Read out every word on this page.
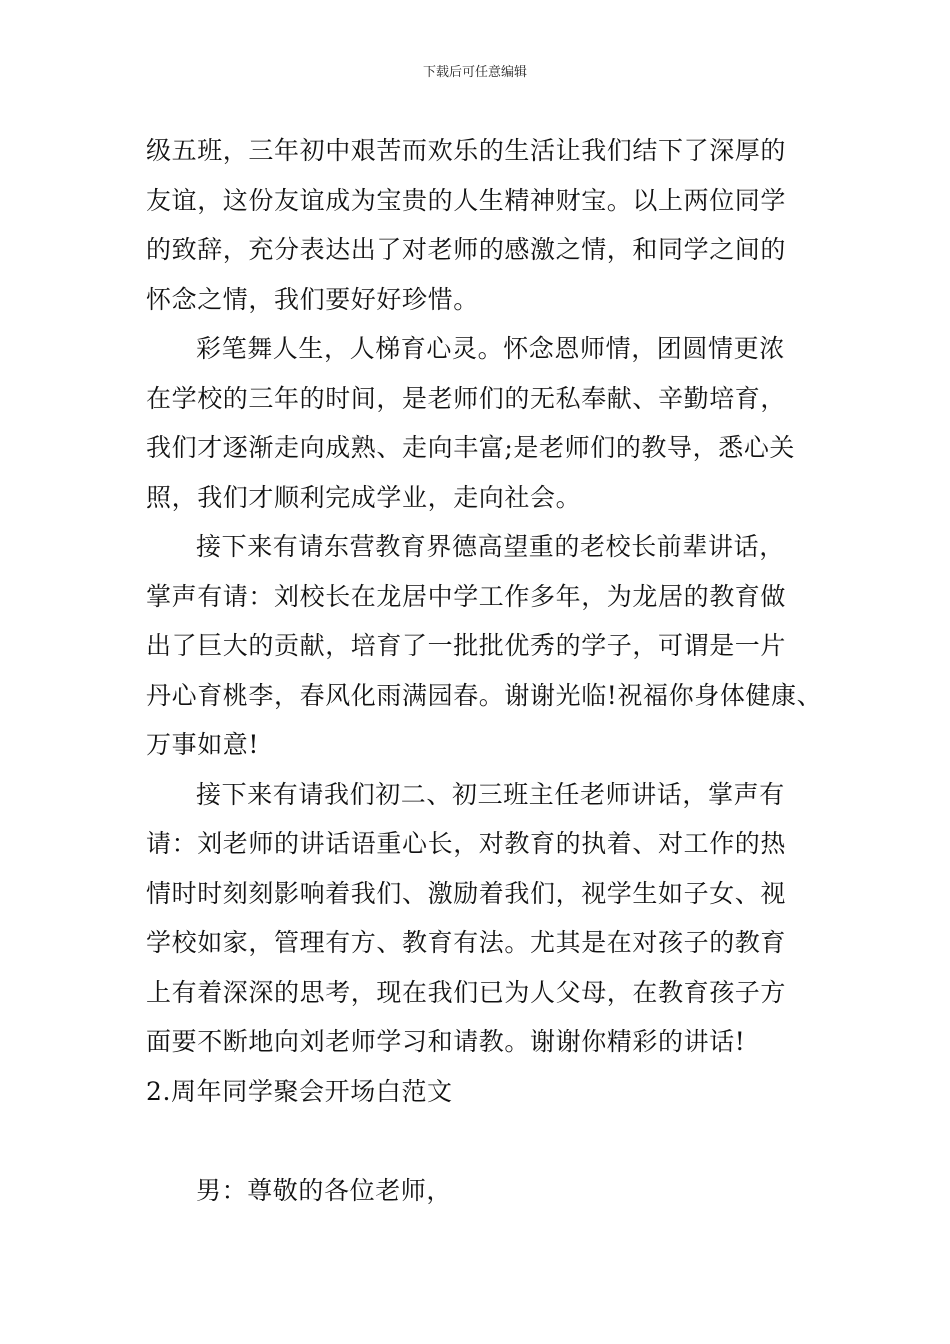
下载后可任意编辑
级五班，三年初中艰苦而欢乐的生活让我们结下了深厚的
友谊，这份友谊成为宝贵的人生精神财宝。以上两位同学
的致辞，充分表达出了对老师的感激之情，和同学之间的
怀念之情，我们要好好珍惜。
彩笔舞人生，人梯育心灵。怀念恩师情，团圆情更浓
在学校的三年的时间，是老师们的无私奉献、辛勤培育，
我们才逐渐走向成熟、走向丰富;是老师们的教导，悉心关
照，我们才顺利完成学业，走向社会。
接下来有请东营教育界德高望重的老校长前辈讲话，
掌声有请：刘校长在龙居中学工作多年，为龙居的教育做
出了巨大的贡献，培育了一批批优秀的学子，可谓是一片
丹心育桃李，春风化雨满园春。谢谢光临!祝福你身体健康、
万事如意!
接下来有请我们初二、初三班主任老师讲话，掌声有
请：刘老师的讲话语重心长，对教育的执着、对工作的热
情时时刻刻影响着我们、激励着我们，视学生如子女、视
学校如家，管理有方、教育有法。尤其是在对孩子的教育
上有着深深的思考，现在我们已为人父母，在教育孩子方
面要不断地向刘老师学习和请教。谢谢你精彩的讲话!
2.周年同学聚会开场白范文
男：尊敬的各位老师，
